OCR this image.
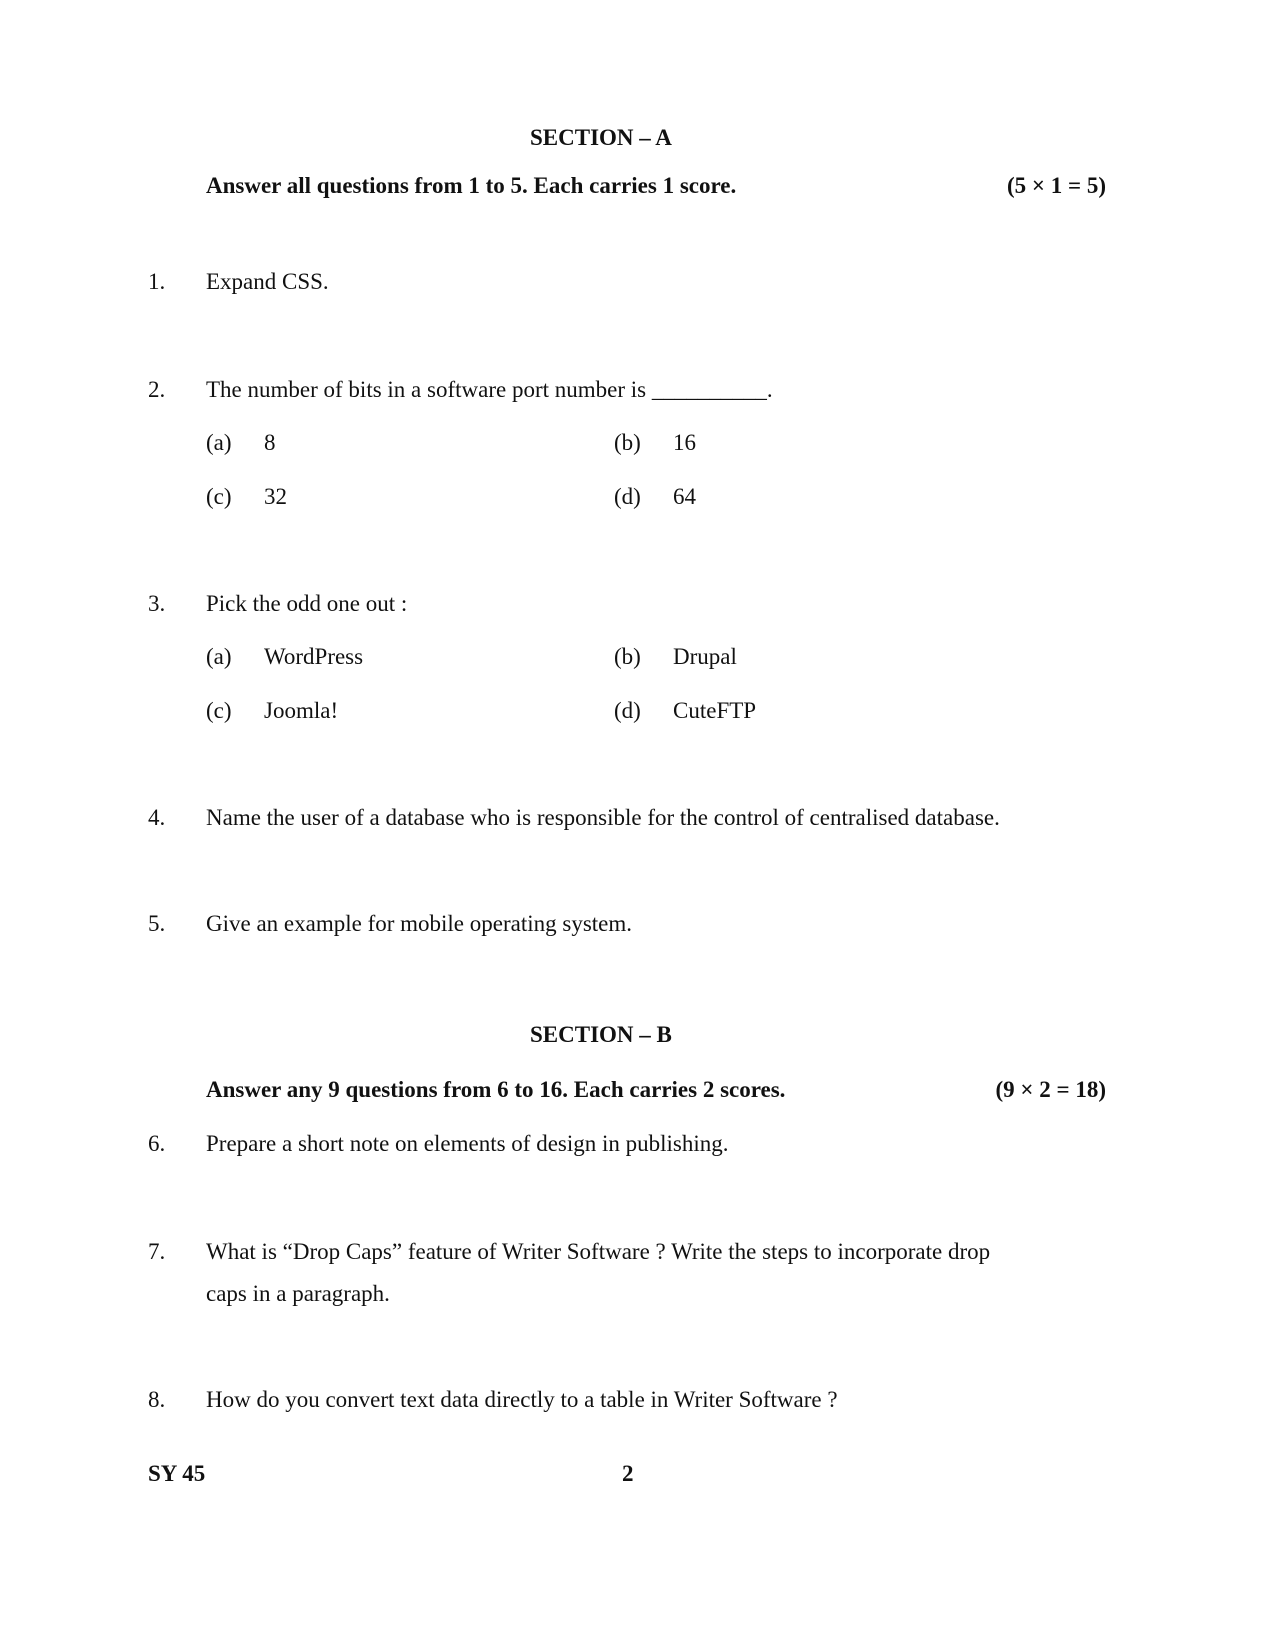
SECTION – A
Answer all questions from 1 to 5. Each carries 1 score.	(5 × 1 = 5)
1. Expand CSS.
2. The number of bits in a software port number is __________.
(a) 8	(b) 16
(c) 32	(d) 64
3. Pick the odd one out :
(a) WordPress	(b) Drupal
(c) Joomla!	(d) CuteFTP
4. Name the user of a database who is responsible for the control of centralised database.
5. Give an example for mobile operating system.
SECTION – B
Answer any 9 questions from 6 to 16. Each carries 2 scores.	(9 × 2 = 18)
6. Prepare a short note on elements of design in publishing.
7. What is “Drop Caps” feature of Writer Software ? Write the steps to incorporate drop
caps in a paragraph.
8. How do you convert text data directly to a table in Writer Software ?
SY 45	2
